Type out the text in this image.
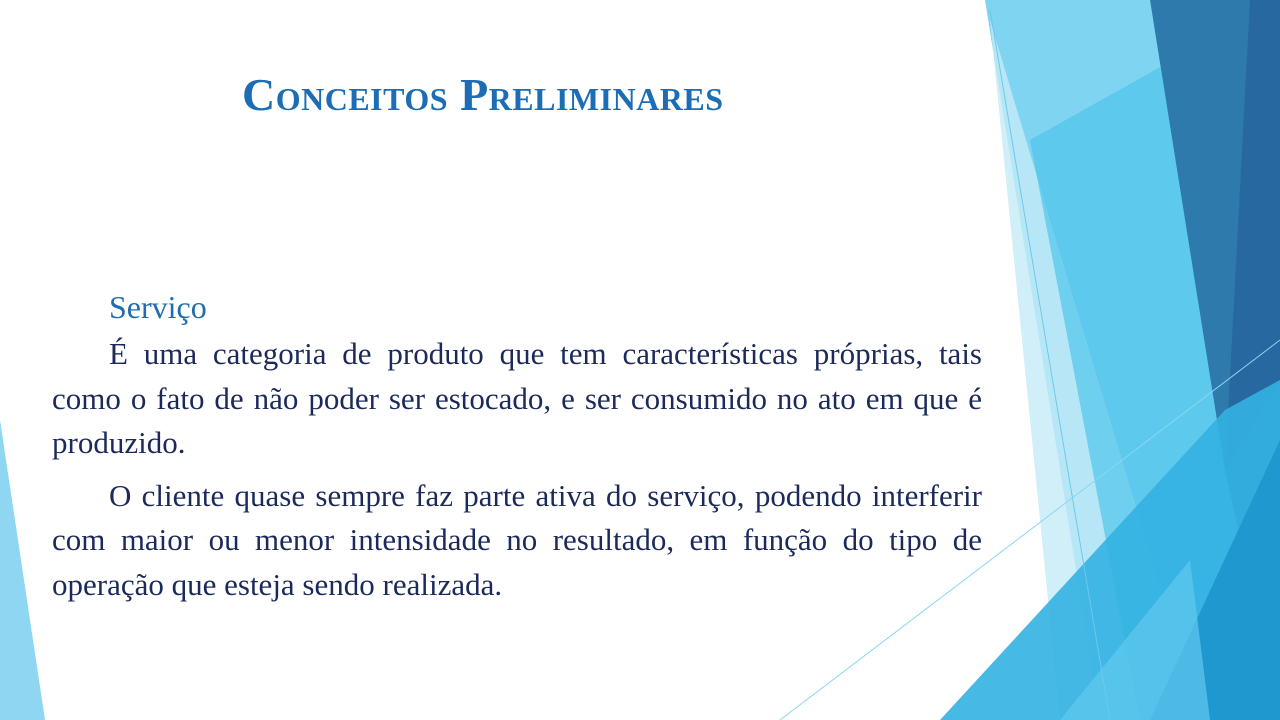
Conceitos Preliminares
Serviço

É uma categoria de produto que tem características próprias, tais como o fato de não poder ser estocado, e ser consumido no ato em que é produzido.

O cliente quase sempre faz parte ativa do serviço, podendo interferir com maior ou menor intensidade no resultado, em função do tipo de operação que esteja sendo realizada.
